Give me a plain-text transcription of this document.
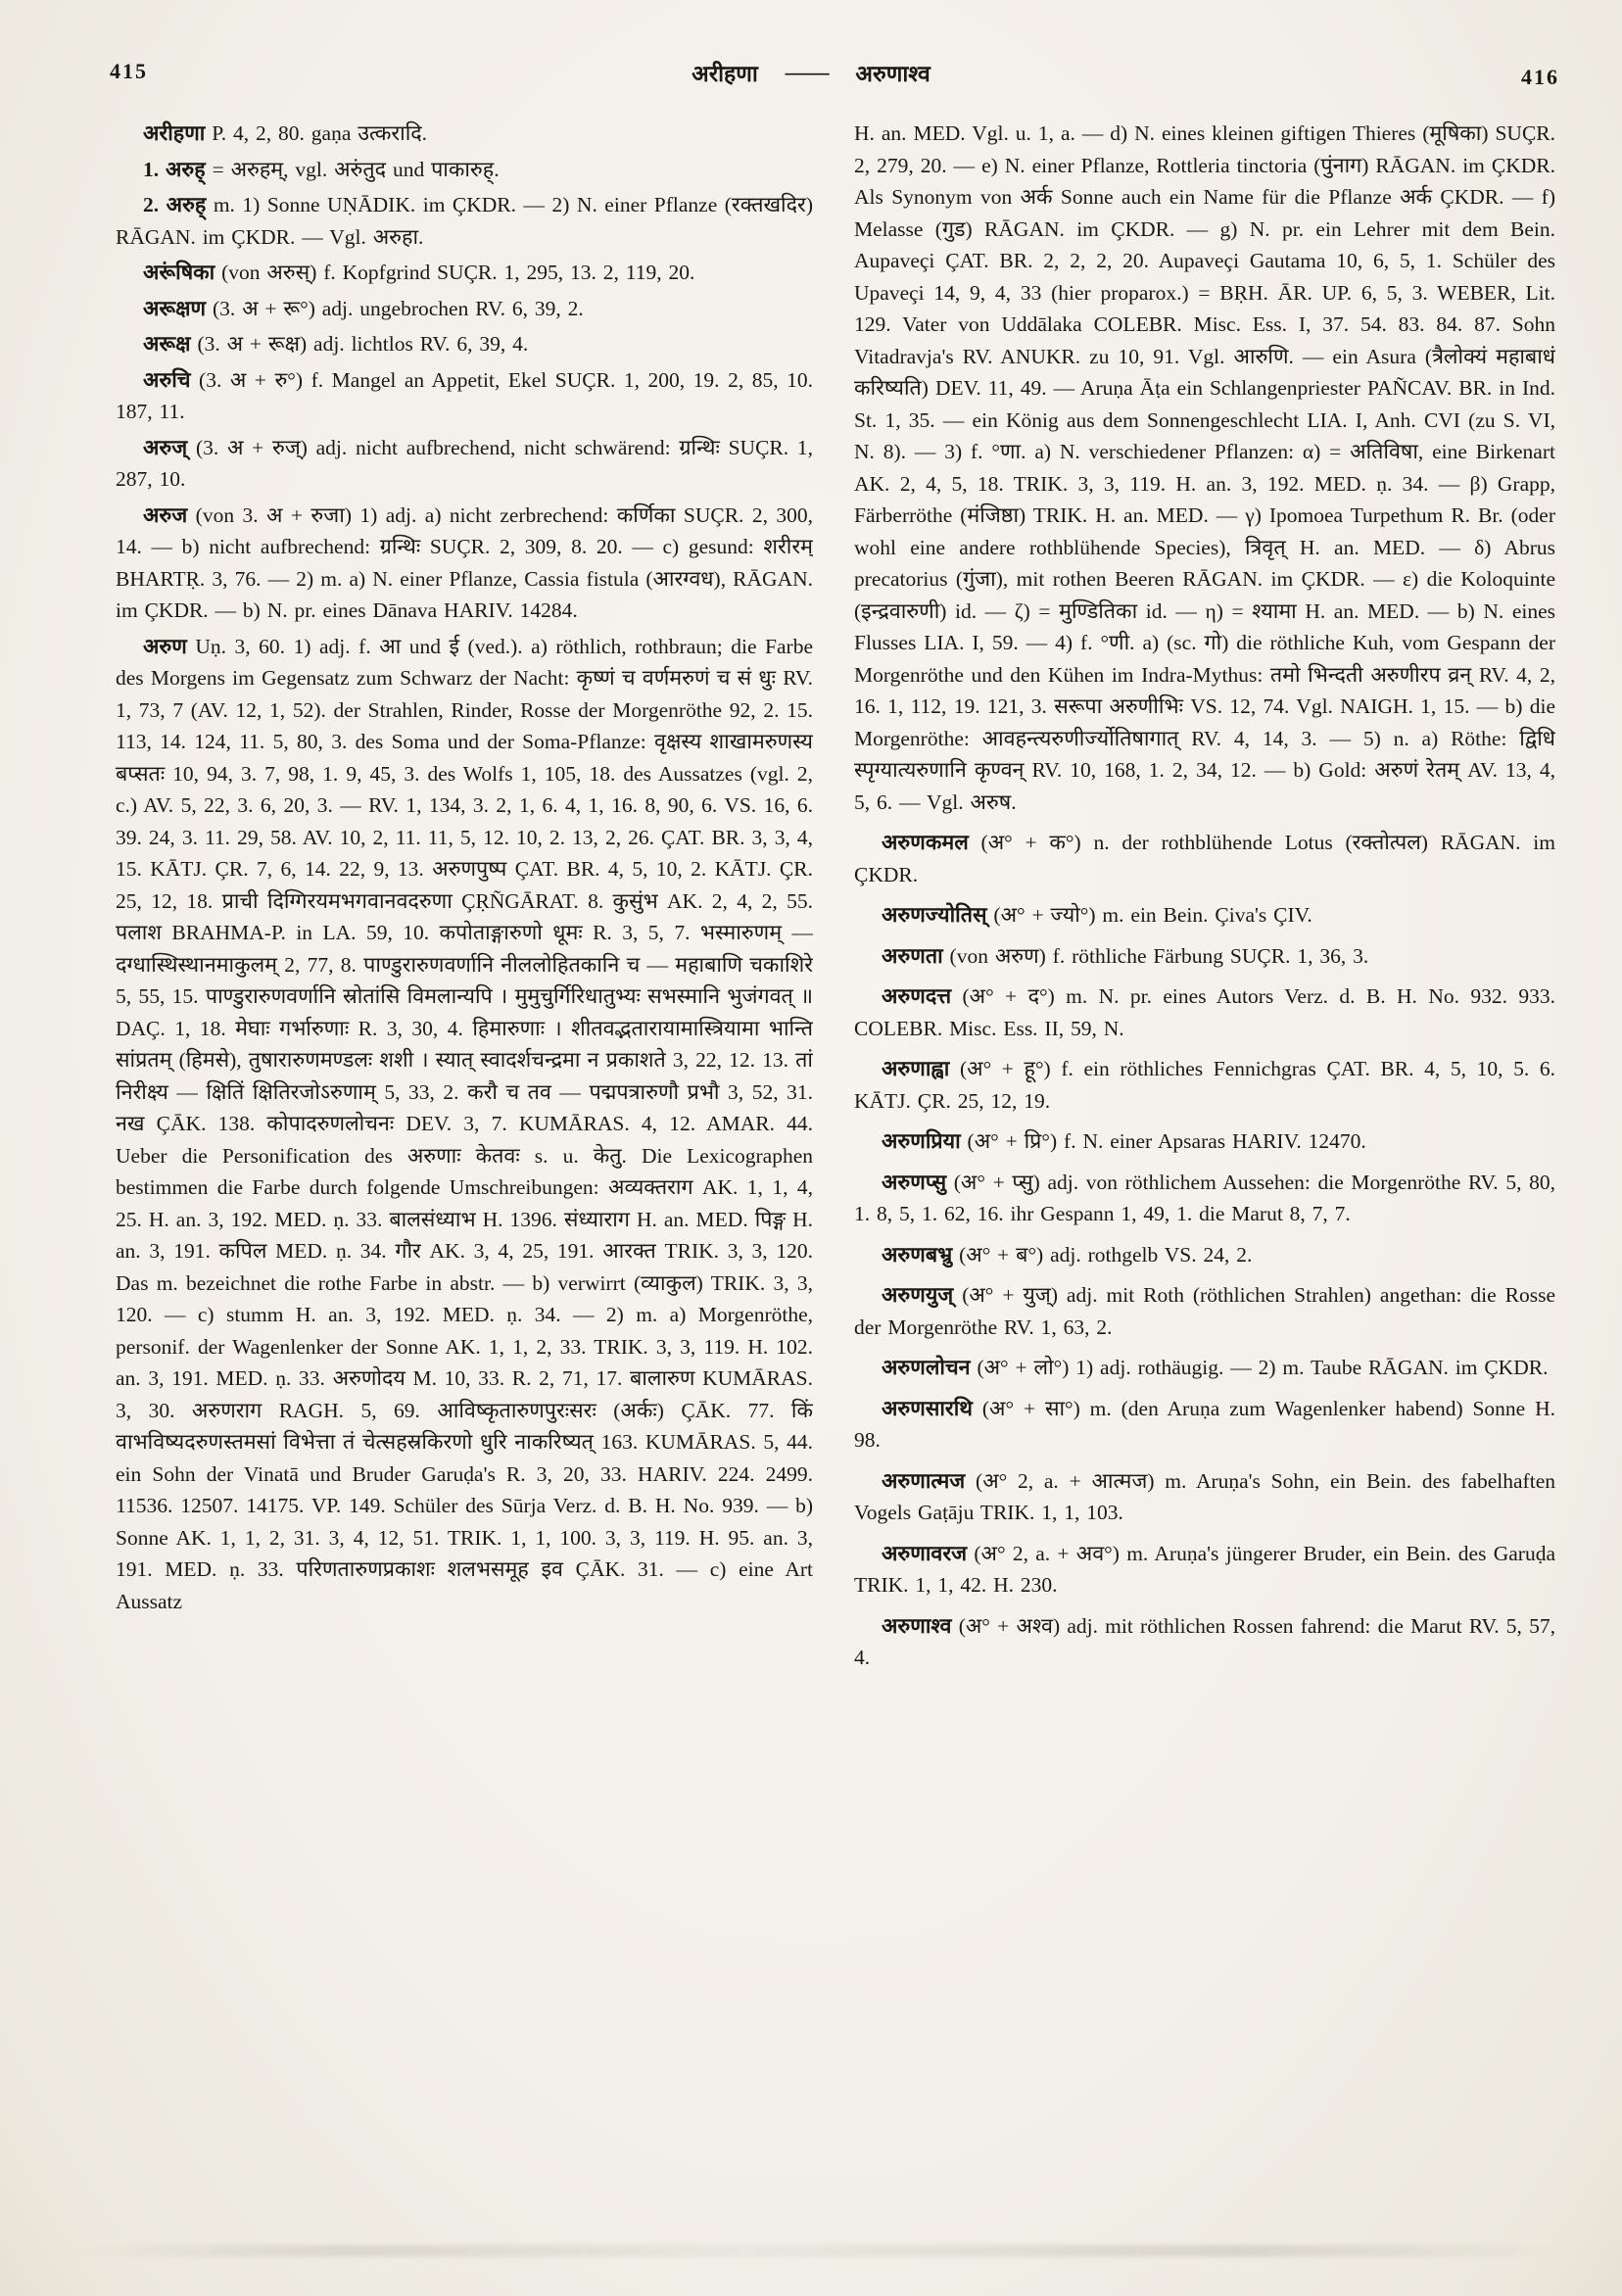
415	अरीहणा —— अरुणाश्व	416

अरीहणा P. 4, 2, 80. gaṇa उत्करादि.

1. अरुह् = अरुहम्, vgl. अरुंतुद und पाकारुह्.

2. अरुह् m. 1) Sonne UṆĀDIK. im ÇKDR. — 2) N. einer Pflanze (रक्तखदिर) RĀGAN. im ÇKDR. — Vgl. अरुहा.

अरूंषिका (von अरुस्) f. Kopfgrind SUÇR. 1, 295, 13. 2, 119, 20.

अरूक्षण (3. अ + रू°) adj. ungebrochen RV. 6, 39, 2.

अरूक्ष (3. अ + रूक्ष) adj. lichtlos RV. 6, 39, 4.

अरुचि (3. अ + रु°) f. Mangel an Appetit, Ekel SUÇR. 1, 200, 19. 2, 85, 10. 187, 11.

अरुज् (3. अ + रुज्) adj. nicht aufbrechend, nicht schwärend: ग्रन्थिः SUÇR. 1, 287, 10.

अरुज (von 3. अ + रुजा) 1) adj. a) nicht zerbrechend: कर्णिका SUÇR. 2, 300, 14. — b) nicht aufbrechend: ग्रन्थिः SUÇR. 2, 309, 8. 20. — c) gesund: शरीरम् BHARTṚ. 3, 76. — 2) m. a) N. einer Pflanze, Cassia fistula (आरग्वध), RĀGAN. im ÇKDR. — b) N. pr. eines Dānava HARIV. 14284.

अरुण Uṇ. 3, 60. 1) adj. f. आ und ई (ved.). a) röthlich, rothbraun; die Farbe des Morgens im Gegensatz zum Schwarz der Nacht: कृष्णं च वर्णमरुणं च सं धुः RV. 1, 73, 7 (AV. 12, 1, 52). der Strahlen, Rinder, Rosse der Morgenröthe 92, 2. 15. 113, 14. 124, 11. 5, 80, 3. des Soma und der Soma-Pflanze: वृक्षस्य शाखामरुणस्य बप्सतः 10, 94, 3. 7, 98, 1. 9, 45, 3. des Wolfs 1, 105, 18. des Aussatzes (vgl. 2, c.) AV. 5, 22, 3. 6, 20, 3. — RV. 1, 134, 3. 2, 1, 6. 4, 1, 16. 8, 90, 6. VS. 16, 6. 39. 24, 3. 11. 29, 58. AV. 10, 2, 11. 11, 5, 12. 10, 2. 13, 2, 26. ÇAT. BR. 3, 3, 4, 15. KĀTJ. ÇR. 7, 6, 14. 22, 9, 13. अरुणपुष्प ÇAT. BR. 4, 5, 10, 2. KĀTJ. ÇR. 25, 12, 18. प्राची दिग्गिरयमभगवानवदरुणा ÇṚÑGĀRAT. 8. कुसुंभ AK. 2, 4, 2, 55. पलाश BRAHMA-P. in LA. 59, 10. कपोताङ्गारुणो धूमः R. 3, 5, 7. भस्मारुणम् — दग्धास्थिस्थानमाकुलम् 2, 77, 8. पाण्डुरारुणवर्णानि नीललोहितकानि च — महाबाणि चकाशिरे 5, 55, 15. पाण्डुरारुणवर्णानि स्रोतांसि विमलान्यपि । मुमुचुर्गिरिधातुभ्यः सभस्मानि भुजंगवत् ॥ DAÇ. 1, 18. मेघाः गर्भारुणाः R. 3, 30, 4. हिमारुणाः । शीतवद्भतारायामास्त्रियामा भान्ति सांप्रतम् (हिमसे), तुषारारुणमण्डलः शशी । स्यात् स्वादर्शचन्द्रमा न प्रकाशते 3, 22, 12. 13. तां निरीक्ष्य — क्षितिं क्षितिरजोऽरुणाम् 5, 33, 2. करौ च तव — पद्मपत्रारुणौ प्रभौ 3, 52, 31. नख ÇĀK. 138. कोपादरुणलोचनः DEV. 3, 7. KUMĀRAS. 4, 12. AMAR. 44. Ueber die Personification des अरुणाः केतवः s. u. केतु. Die Lexicographen bestimmen die Farbe durch folgende Umschreibungen: अव्यक्तराग AK. 1, 1, 4, 25. H. an. 3, 192. MED. ṇ. 33. बालसंध्याभ H. 1396. संध्याराग H. an. MED. पिङ्ग H. an. 3, 191. कपिल MED. ṇ. 34. गौर AK. 3, 4, 25, 191. आरक्त TRIK. 3, 3, 120. Das m. bezeichnet die rothe Farbe in abstr. — b) verwirrt (व्याकुल) TRIK. 3, 3, 120. — c) stumm H. an. 3, 192. MED. ṇ. 34. — 2) m. a) Morgenröthe, personif. der Wagenlenker der Sonne AK. 1, 1, 2, 33. TRIK. 3, 3, 119. H. 102. an. 3, 191. MED. ṇ. 33. अरुणोदय M. 10, 33. R. 2, 71, 17. बालारुण KUMĀRAS. 3, 30. अरुणराग RAGH. 5, 69. आविष्कृतारुणपुरःसरः (अर्कः) ÇĀK. 77. किं वाभविष्यदरुणस्तमसां विभेत्ता तं चेत्सहस्रकिरणो धुरि नाकरिष्यत् 163. KUMĀRAS. 5, 44. ein Sohn der Vinatā und Bruder Garuḍa's R. 3, 20, 33. HARIV. 224. 2499. 11536. 12507. 14175. VP. 149. Schüler des Sūrja Verz. d. B. H. No. 939. — b) Sonne AK. 1, 1, 2, 31. 3, 4, 12, 51. TRIK. 1, 1, 100. 3, 3, 119. H. 95. an. 3, 191. MED. ṇ. 33. परिणतारुणप्रकाशः शलभसमूह इव ÇĀK. 31. — c) eine Art Aussatz

H. an. MED. Vgl. u. 1, a. — d) N. eines kleinen giftigen Thieres (मूषिका) SUÇR. 2, 279, 20. — e) N. einer Pflanze, Rottleria tinctoria (पुंनाग) RĀGAN. im ÇKDR. Als Synonym von अर्क Sonne auch ein Name für die Pflanze अर्क ÇKDR. — f) Melasse (गुड) RĀGAN. im ÇKDR. — g) N. pr. ein Lehrer mit dem Bein. Aupaveçi ÇAT. BR. 2, 2, 2, 20. Aupaveçi Gautama 10, 6, 5, 1. Schüler des Upaveçi 14, 9, 4, 33 (hier proparox.) = BṚH. ĀR. UP. 6, 5, 3. WEBER, Lit. 129. Vater von Uddālaka COLEBR. Misc. Ess. I, 37. 54. 83. 84. 87. Sohn Vitadravja's RV. ANUKR. zu 10, 91. Vgl. आरुणि. — ein Asura (त्रैलोक्यं महाबाधं करिष्यति) DEV. 11, 49. — Aruṇa Āṭa ein Schlangenpriester PAÑCAV. BR. in Ind. St. 1, 35. — ein König aus dem Sonnengeschlecht LIA. I, Anh. CVI (zu S. VI, N. 8). — 3) f. °णा. a) N. verschiedener Pflanzen: α) = अतिविषा, eine Birkenart AK. 2, 4, 5, 18. TRIK. 3, 3, 119. H. an. 3, 192. MED. ṇ. 34. — β) Grapp, Färberröthe (मंजिष्ठा) TRIK. H. an. MED. — γ) Ipomoea Turpethum R. Br. (oder wohl eine andere rothblühende Species), त्रिवृत् H. an. MED. — δ) Abrus precatorius (गुंजा), mit rothen Beeren RĀGAN. im ÇKDR. — ε) die Koloquinte (इन्द्रवारुणी) id. — ζ) = मुण्डितिका id. — η) = श्यामा H. an. MED. — b) N. eines Flusses LIA. I, 59. — 4) f. °णी. a) (sc. गो) die röthliche Kuh, vom Gespann der Morgenröthe und den Kühen im Indra-Mythus: तमो भिन्दती अरुणीरप व्रन् RV. 4, 2, 16. 1, 112, 19. 121, 3. सरूपा अरुणीभिः VS. 12, 74. Vgl. NAIGH. 1, 15. — b) die Morgenröthe: आवहन्त्यरुणीर्ज्योतिषागात् RV. 4, 14, 3. — 5) n. a) Röthe: द्विधि स्पृग्यात्यरुणानि कृण्वन् RV. 10, 168, 1. 2, 34, 12. — b) Gold: अरुणं रेतम् AV. 13, 4, 5, 6. — Vgl. अरुष.

अरुणकमल (अ° + क°) n. der rothblühende Lotus (रक्तोत्पल) RĀGAN. im ÇKDR.

अरुणज्योतिस् (अ° + ज्यो°) m. ein Bein. Çiva's ÇIV.

अरुणता (von अरुण) f. röthliche Färbung SUÇR. 1, 36, 3.

अरुणदत्त (अ° + द°) m. N. pr. eines Autors Verz. d. B. H. No. 932. 933. COLEBR. Misc. Ess. II, 59, N.

अरुणाह्वा (अ° + हू°) f. ein röthliches Fennichgras ÇAT. BR. 4, 5, 10, 5. 6. KĀTJ. ÇR. 25, 12, 19.

अरुणप्रिया (अ° + प्रि°) f. N. einer Apsaras HARIV. 12470.

अरुणप्सु (अ° + प्सु) adj. von röthlichem Aussehen: die Morgenröthe RV. 5, 80, 1. 8, 5, 1. 62, 16. ihr Gespann 1, 49, 1. die Marut 8, 7, 7.

अरुणबभ्रु (अ° + ब°) adj. rothgelb VS. 24, 2.

अरुणयुज् (अ° + युज्) adj. mit Roth (röthlichen Strahlen) angethan: die Rosse der Morgenröthe RV. 1, 63, 2.

अरुणलोचन (अ° + लो°) 1) adj. rothäugig. — 2) m. Taube RĀGAN. im ÇKDR.

अरुणसारथि (अ° + सा°) m. (den Aruṇa zum Wagenlenker habend) Sonne H. 98.

अरुणात्मज (अ° 2, a. + आत्मज) m. Aruṇa's Sohn, ein Bein. des fabelhaften Vogels Gaṭāju TRIK. 1, 1, 103.

अरुणावरज (अ° 2, a. + अव°) m. Aruṇa's jüngerer Bruder, ein Bein. des Garuḍa TRIK. 1, 1, 42. H. 230.

अरुणाश्व (अ° + अश्व) adj. mit röthlichen Rossen fahrend: die Marut RV. 5, 57, 4.
